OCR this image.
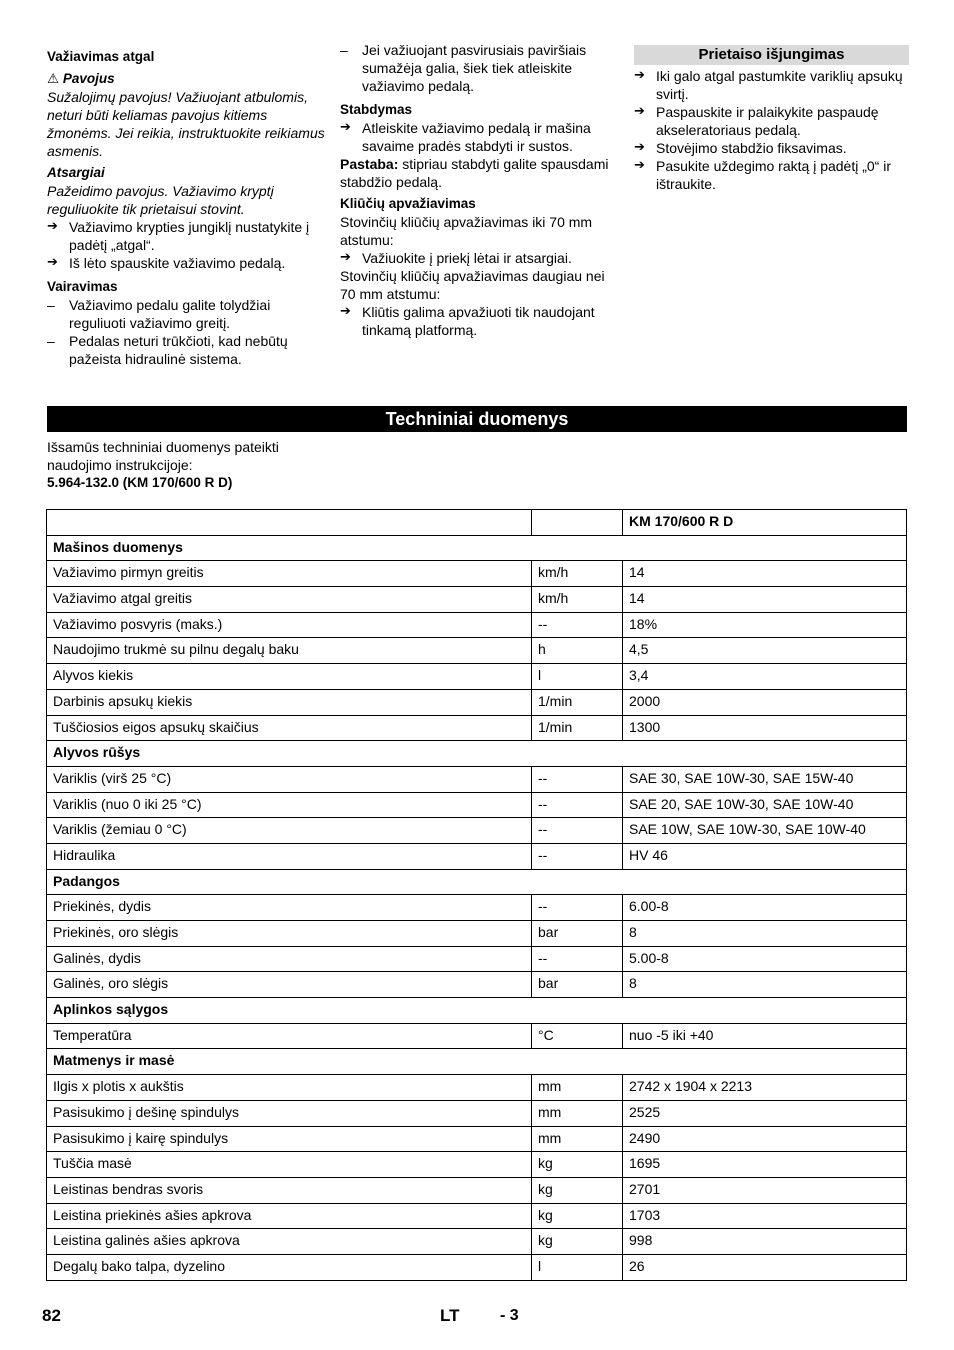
Važiavimas atgal
⚠ Pavojus

Sužalojimų pavojus! Važiuojant atbulomis, neturi būti keliamas pavojus kitiems žmonėms. Jei reikia, instruktuokite reikiamus asmenis.

Atsargiai

Pažeidimo pavojus. Važiavimo kryptį reguliuokite tik prietaisui stovint.

➔ Važiavimo krypties jungiklį nustatykite į padėtį „atgal“.
➔ Iš lėto spauskite važiavimo pedalą.
Vairavimas
– Važiavimo pedalu galite tolydžiai reguliuoti važiavimo greitį.
– Pedalas neturi trūkčioti, kad nebūtų pažeista hidraulinė sistema.
– Jei važiuojant pasvirusiais paviršiais sumažėja galia, šiek tiek atleiskite važiavimo pedalą.
Stabdymas
➔ Atleiskite važiavimo pedalą ir mašina savaime pradės stabdyti ir sustos.

Pastaba: stipriau stabdyti galite spausdami stabdžio pedalą.

Kliūčių apvažiavimas

Stovinčių kliūčių apvažiavimas iki 70 mm atstumu:

➔ Važiuokite į priekį lėtai ir atsargiai.

Stovinčių kliūčių apvažiavimas daugiau nei 70 mm atstumu:

➔ Kliūtis galima apvažiuoti tik naudojant tinkamą platformą.
Prietaiso išjungimas
➔ Iki galo atgal pastumkite variklių apsukų svirtį.
➔ Paspauskite ir palaikykite paspaudę akseleratoriaus pedalą.
➔ Stovėjimo stabdžio fiksavimas.
➔ Pasukite uždegimo raktą į padėtį „0“ ir ištraukite.
Techniniai duomenys

Išsamūs techniniai duomenys pateikti naudojimo instrukcijoje:

5.964-132.0 (KM 170/600 R D)
		KM 170/600 R D
Mašinos duomenys		
Važiavimo pirmyn greitis	km/h	14
Važiavimo atgal greitis	km/h	14
Važiavimo posvyris (maks.)	--	18%
Naudojimo trukmė su pilnu degalų baku	h	4,5
Alyvos kiekis	l	3,4
Darbinis apsukų kiekis	1/min	2000
Tuščiosios eigos apsukų skaičius	1/min	1300
Alyvos rūšys		
Variklis (virš 25 °C)	--	SAE 30, SAE 10W-30, SAE 15W-40
Variklis (nuo 0 iki 25 °C)	--	SAE 20, SAE 10W-30, SAE 10W-40
Variklis (žemiau 0 °C)	--	SAE 10W, SAE 10W-30, SAE 10W-40
Hidraulika	--	HV 46
Padangos		
Priekinės, dydis	--	6.00-8
Priekinės, oro slėgis	bar	8
Galinės, dydis	--	5.00-8
Galinės, oro slėgis	bar	8
Aplinkos sąlygos		
Temperatūra	°C	nuo -5 iki +40
Matmenys ir masė		
Ilgis x plotis x aukštis	mm	2742 x 1904 x 2213
Pasisukimo į dešinę spindulys	mm	2525
Pasisukimo į kairę spindulys	mm	2490
Tuščia masė	kg	1695
Leistinas bendras svoris	kg	2701
Leistina priekinės ašies apkrova	kg	1703
Leistina galinės ašies apkrova	kg	998
Degalų bako talpa, dyzelino	l	26
82	LT	- 3
